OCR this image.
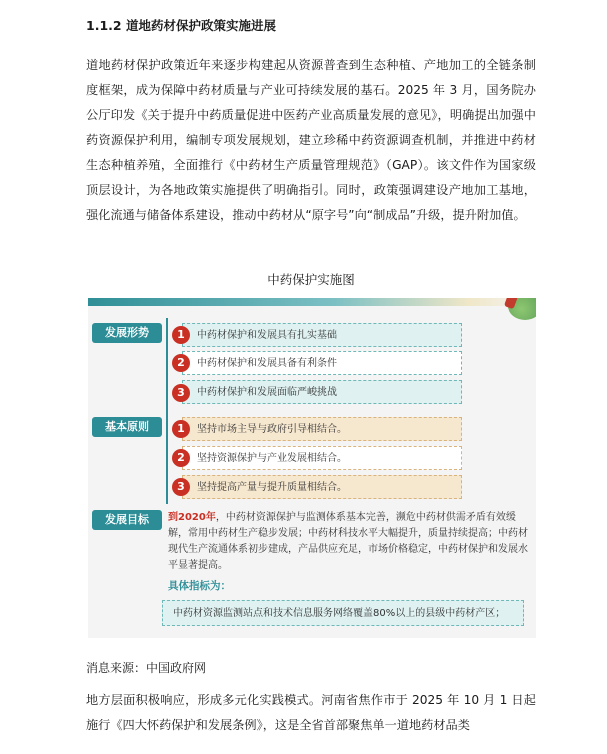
1.1.2 道地药材保护政策实施进展
道地药材保护政策近年来逐步构建起从资源普查到生态种植、产地加工的全链条制度框架，成为保障中药材质量与产业可持续发展的基石。2025 年 3 月，国务院办公厅印发《关于提升中药质量促进中医药产业高质量发展的意见》，明确提出加强中药资源保护利用，编制专项发展规划，建立珍稀中药资源调查机制，并推进中药材生态种植养殖，全面推行《中药材生产质量管理规范》（GAP）。该文件作为国家级顶层设计，为各地政策实施提供了明确指引。同时，政策强调建设产地加工基地，强化流通与储备体系建设，推动中药材从“原字号”向“制成品”升级，提升附加值。
中药保护实施图
发展形势	1	中药材保护和发展具有扎实基础
2	中药材保护和发展具备有利条件
3	中药材保护和发展面临严峻挑战
基本原则	1	坚持市场主导与政府引导相结合。
2	坚持资源保护与产业发展相结合。
3	坚持提高产量与提升质量相结合。
发展目标	到2020年，中药材资源保护与监测体系基本完善，濒危中药材供需矛盾有效缓解，常用中药材生产稳步发展；中药材科技水平大幅提升，质量持续提高；中药材现代生产流通体系初步建成，产品供应充足，市场价格稳定，中药材保护和发展水平显著提高。
具体指标为：
中药材资源监测站点和技术信息服务网络覆盖80%以上的县级中药材产区；
消息来源：中国政府网
地方层面积极响应，形成多元化实践模式。河南省焦作市于 2025 年 10 月 1 日起施行《四大怀药保护和发展条例》，这是全省首部聚焦单一道地药材品类
